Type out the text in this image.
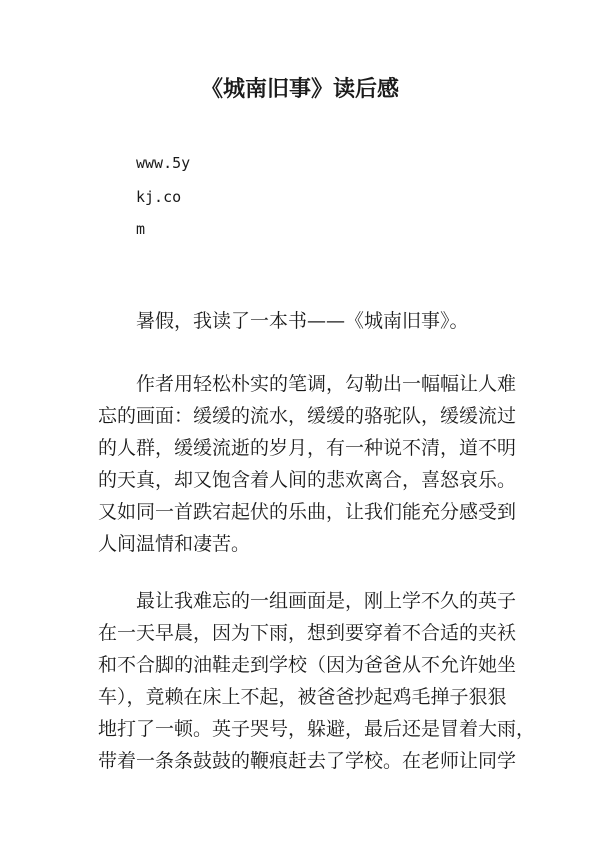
《城南旧事》读后感
www.5y
kj.co
m
　　暑假，我读了一本书——《城南旧事》。
　　作者用轻松朴实的笔调，勾勒出一幅幅让人难
忘的画面：缓缓的流水，缓缓的骆驼队，缓缓流过
的人群，缓缓流逝的岁月，有一种说不清，道不明
的天真，却又饱含着人间的悲欢离合，喜怒哀乐。
又如同一首跌宕起伏的乐曲，让我们能充分感受到
人间温情和凄苦。
　　最让我难忘的一组画面是，刚上学不久的英子
在一天早晨，因为下雨，想到要穿着不合适的夹袄
和不合脚的油鞋走到学校（因为爸爸从不允许她坐
车），竟赖在床上不起，被爸爸抄起鸡毛掸子狠狠
地打了一顿。英子哭号，躲避，最后还是冒着大雨，
带着一条条鼓鼓的鞭痕赶去了学校。在老师让同学
